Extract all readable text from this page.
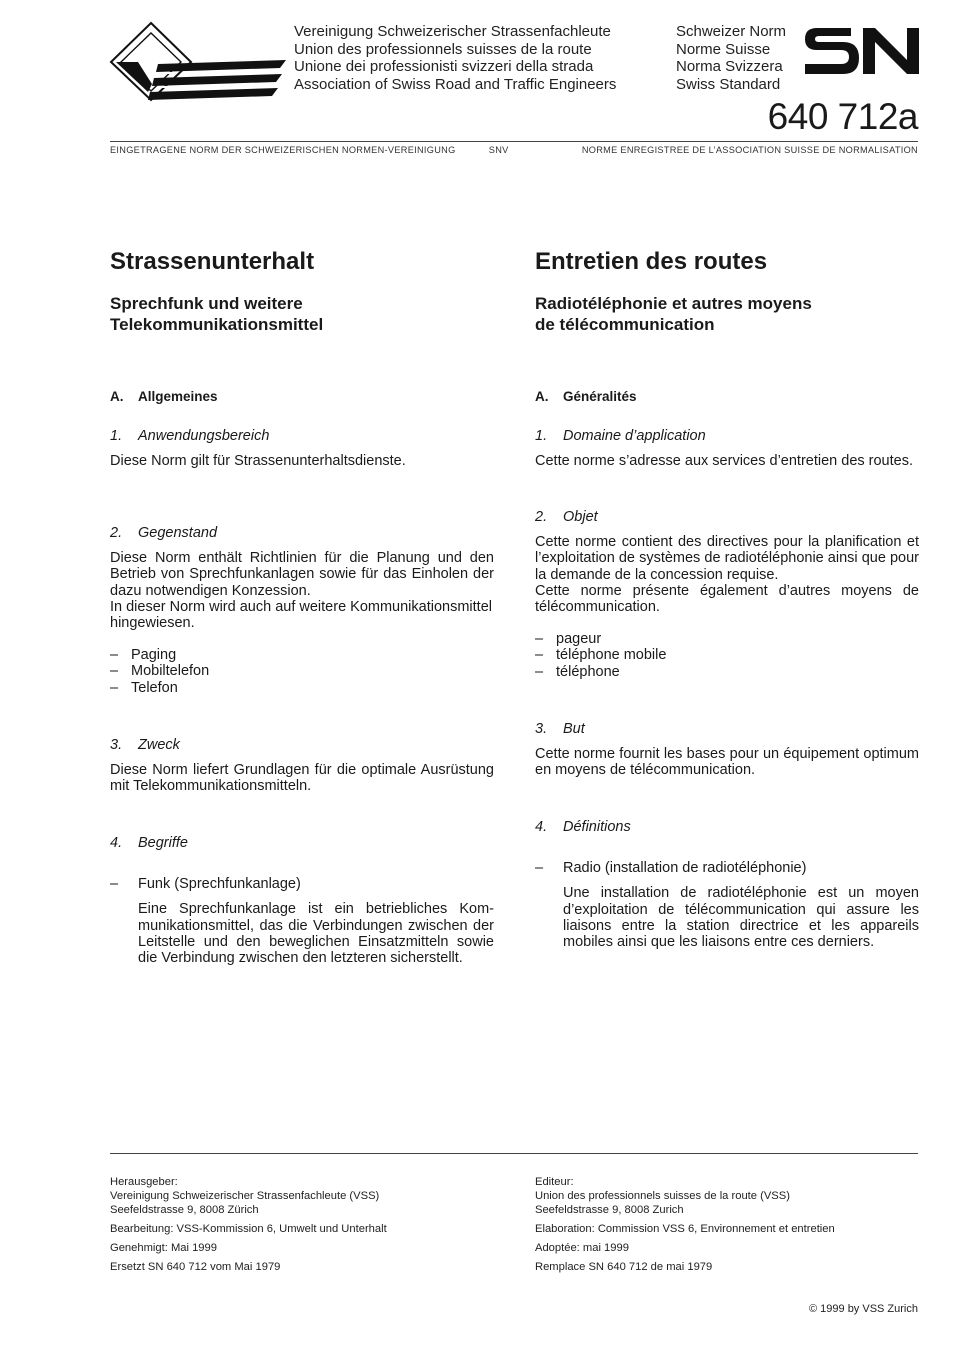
Vereinigung Schweizerischer Strassenfachleute
Union des professionnels suisses de la route
Unione dei professionisti svizzeri della strada
Association of Swiss Road and Traffic Engineers
Schweizer Norm
Norme Suisse
Norma Svizzera
Swiss Standard
640 712a
EINGETRAGENE NORM DER SCHWEIZERISCHEN NORMEN-VEREINIGUNG	SNV	NORME ENREGISTREE DE L’ASSOCIATION SUISSE DE NORMALISATION
Strassenunterhalt
Sprechfunk und weitere
Telekommunikationsmittel
A. Allgemeines
1. Anwendungsbereich

Diese Norm gilt für Strassenunterhaltsdienste.

2. Gegenstand

Diese Norm enthält Richtlinien für die Planung und den Betrieb von Sprechfunkanlagen sowie für das Einholen der dazu notwendigen Konzession.

In dieser Norm wird auch auf weitere Kommunikationsmittel hingewiesen.

– Paging
– Mobiltelefon
– Telefon
3. Zweck

Diese Norm liefert Grundlagen für die optimale Ausrüstung mit Telekommunikationsmitteln.

4. Begriffe
– Funk (Sprechfunkanlage)

Eine Sprechfunkanlage ist ein betriebliches Kommunikationsmittel, das die Verbindungen zwischen der Leitstelle und den beweglichen Einsatzmitteln sowie die Verbindung zwischen den letzteren sicherstellt.

Entretien des routes
Radiotéléphonie et autres moyens
de télécommunication
A. Généralités
1. Domaine d’application

Cette norme s’adresse aux services d’entretien des routes.

2. Objet

Cette norme contient des directives pour la planification et l’exploitation de systèmes de radiotéléphonie ainsi que pour la demande de la concession requise.

Cette norme présente également d’autres moyens de télécommunication.

– pageur
– téléphone mobile
– téléphone
3. But

Cette norme fournit les bases pour un équipement optimum en moyens de télécommunication.

4. Définitions
– Radio (installation de radiotéléphonie)

Une installation de radiotéléphonie est un moyen d’exploitation de télécommunication qui assure les liaisons entre la station directrice et les appareils mobiles ainsi que les liaisons entre ces derniers.

Herausgeber:
Vereinigung Schweizerischer Strassenfachleute (VSS)
Seefeldstrasse 9, 8008 Zürich
Bearbeitung: VSS-Kommission 6, Umwelt und Unterhalt
Genehmigt: Mai 1999
Ersetzt SN 640 712 vom Mai 1979
Editeur:
Union des professionnels suisses de la route (VSS)
Seefeldstrasse 9, 8008 Zurich
Elaboration: Commission VSS 6, Environnement et entretien
Adoptée: mai 1999
Remplace SN 640 712 de mai 1979
© 1999 by VSS Zurich
